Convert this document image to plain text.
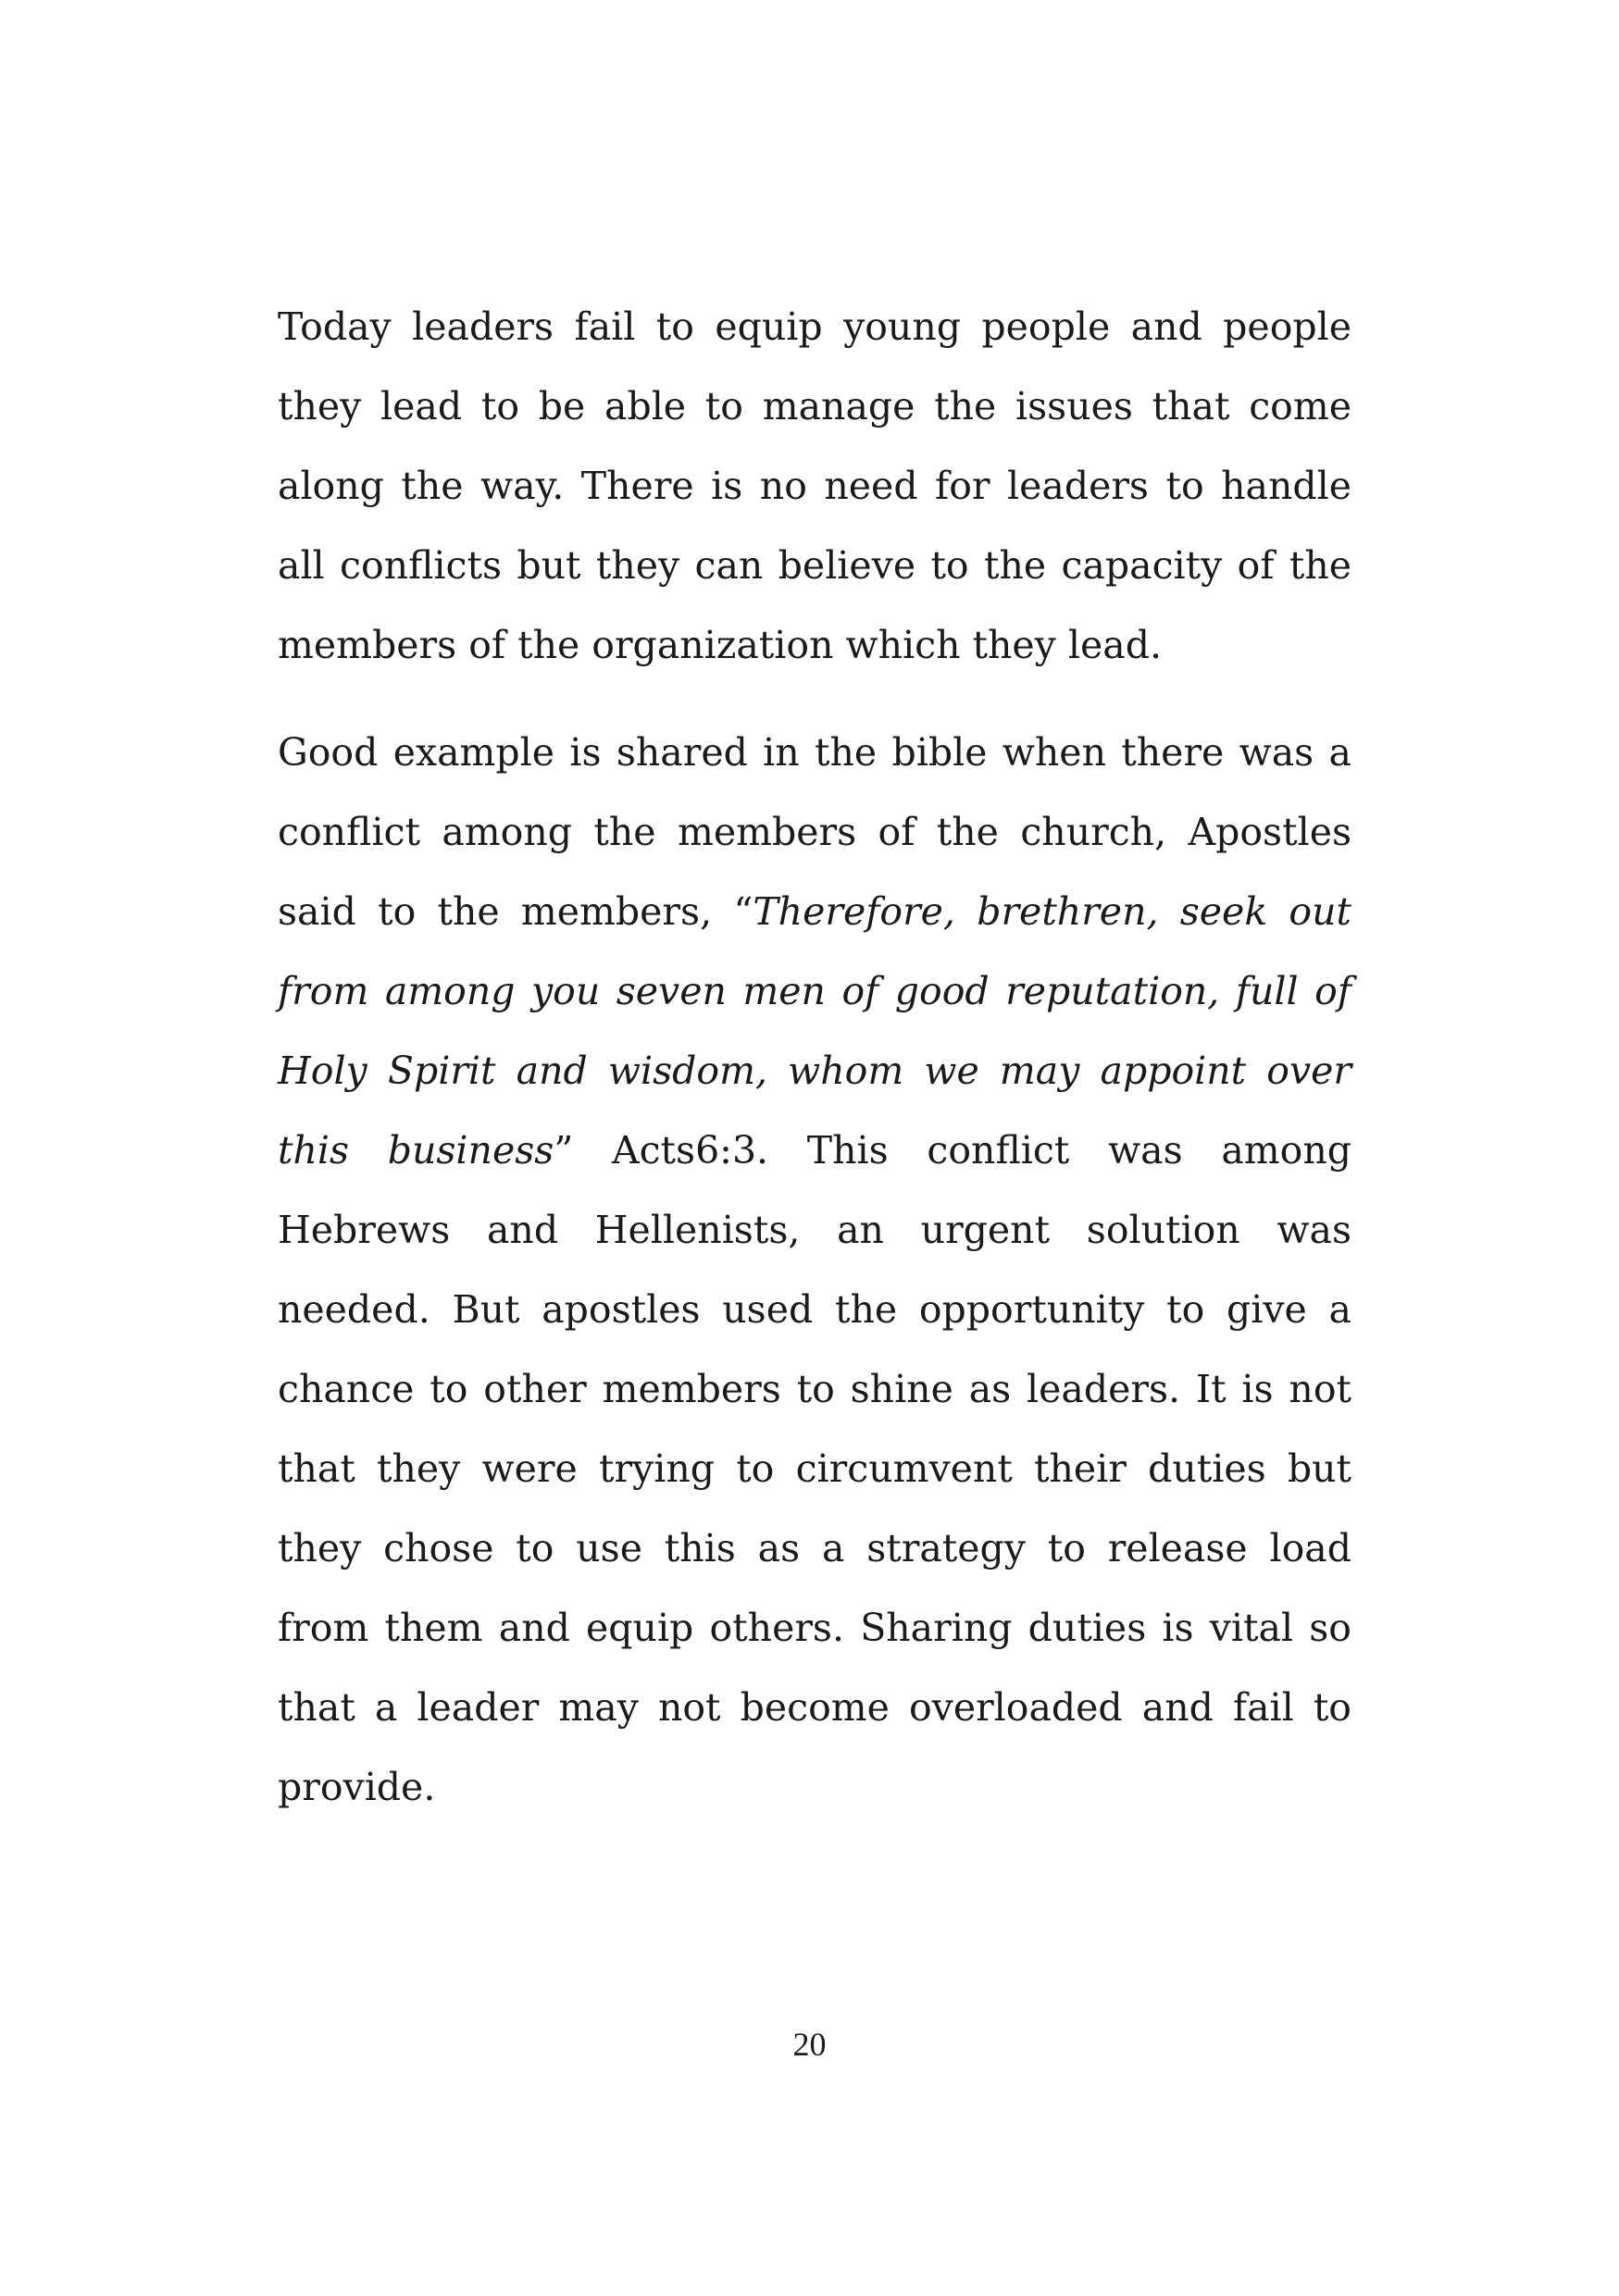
Today leaders fail to equip young people and people they lead to be able to manage the issues that come along the way. There is no need for leaders to handle all conflicts but they can believe to the capacity of the members of the organization which they lead.

Good example is shared in the bible when there was a conflict among the members of the church, Apostles said to the members, “Therefore, brethren, seek out from among you seven men of good reputation, full of Holy Spirit and wisdom, whom we may appoint over this business” Acts6:3. This conflict was among Hebrews and Hellenists, an urgent solution was needed. But apostles used the opportunity to give a chance to other members to shine as leaders. It is not that they were trying to circumvent their duties but they chose to use this as a strategy to release load from them and equip others. Sharing duties is vital so that a leader may not become overloaded and fail to provide.

20
